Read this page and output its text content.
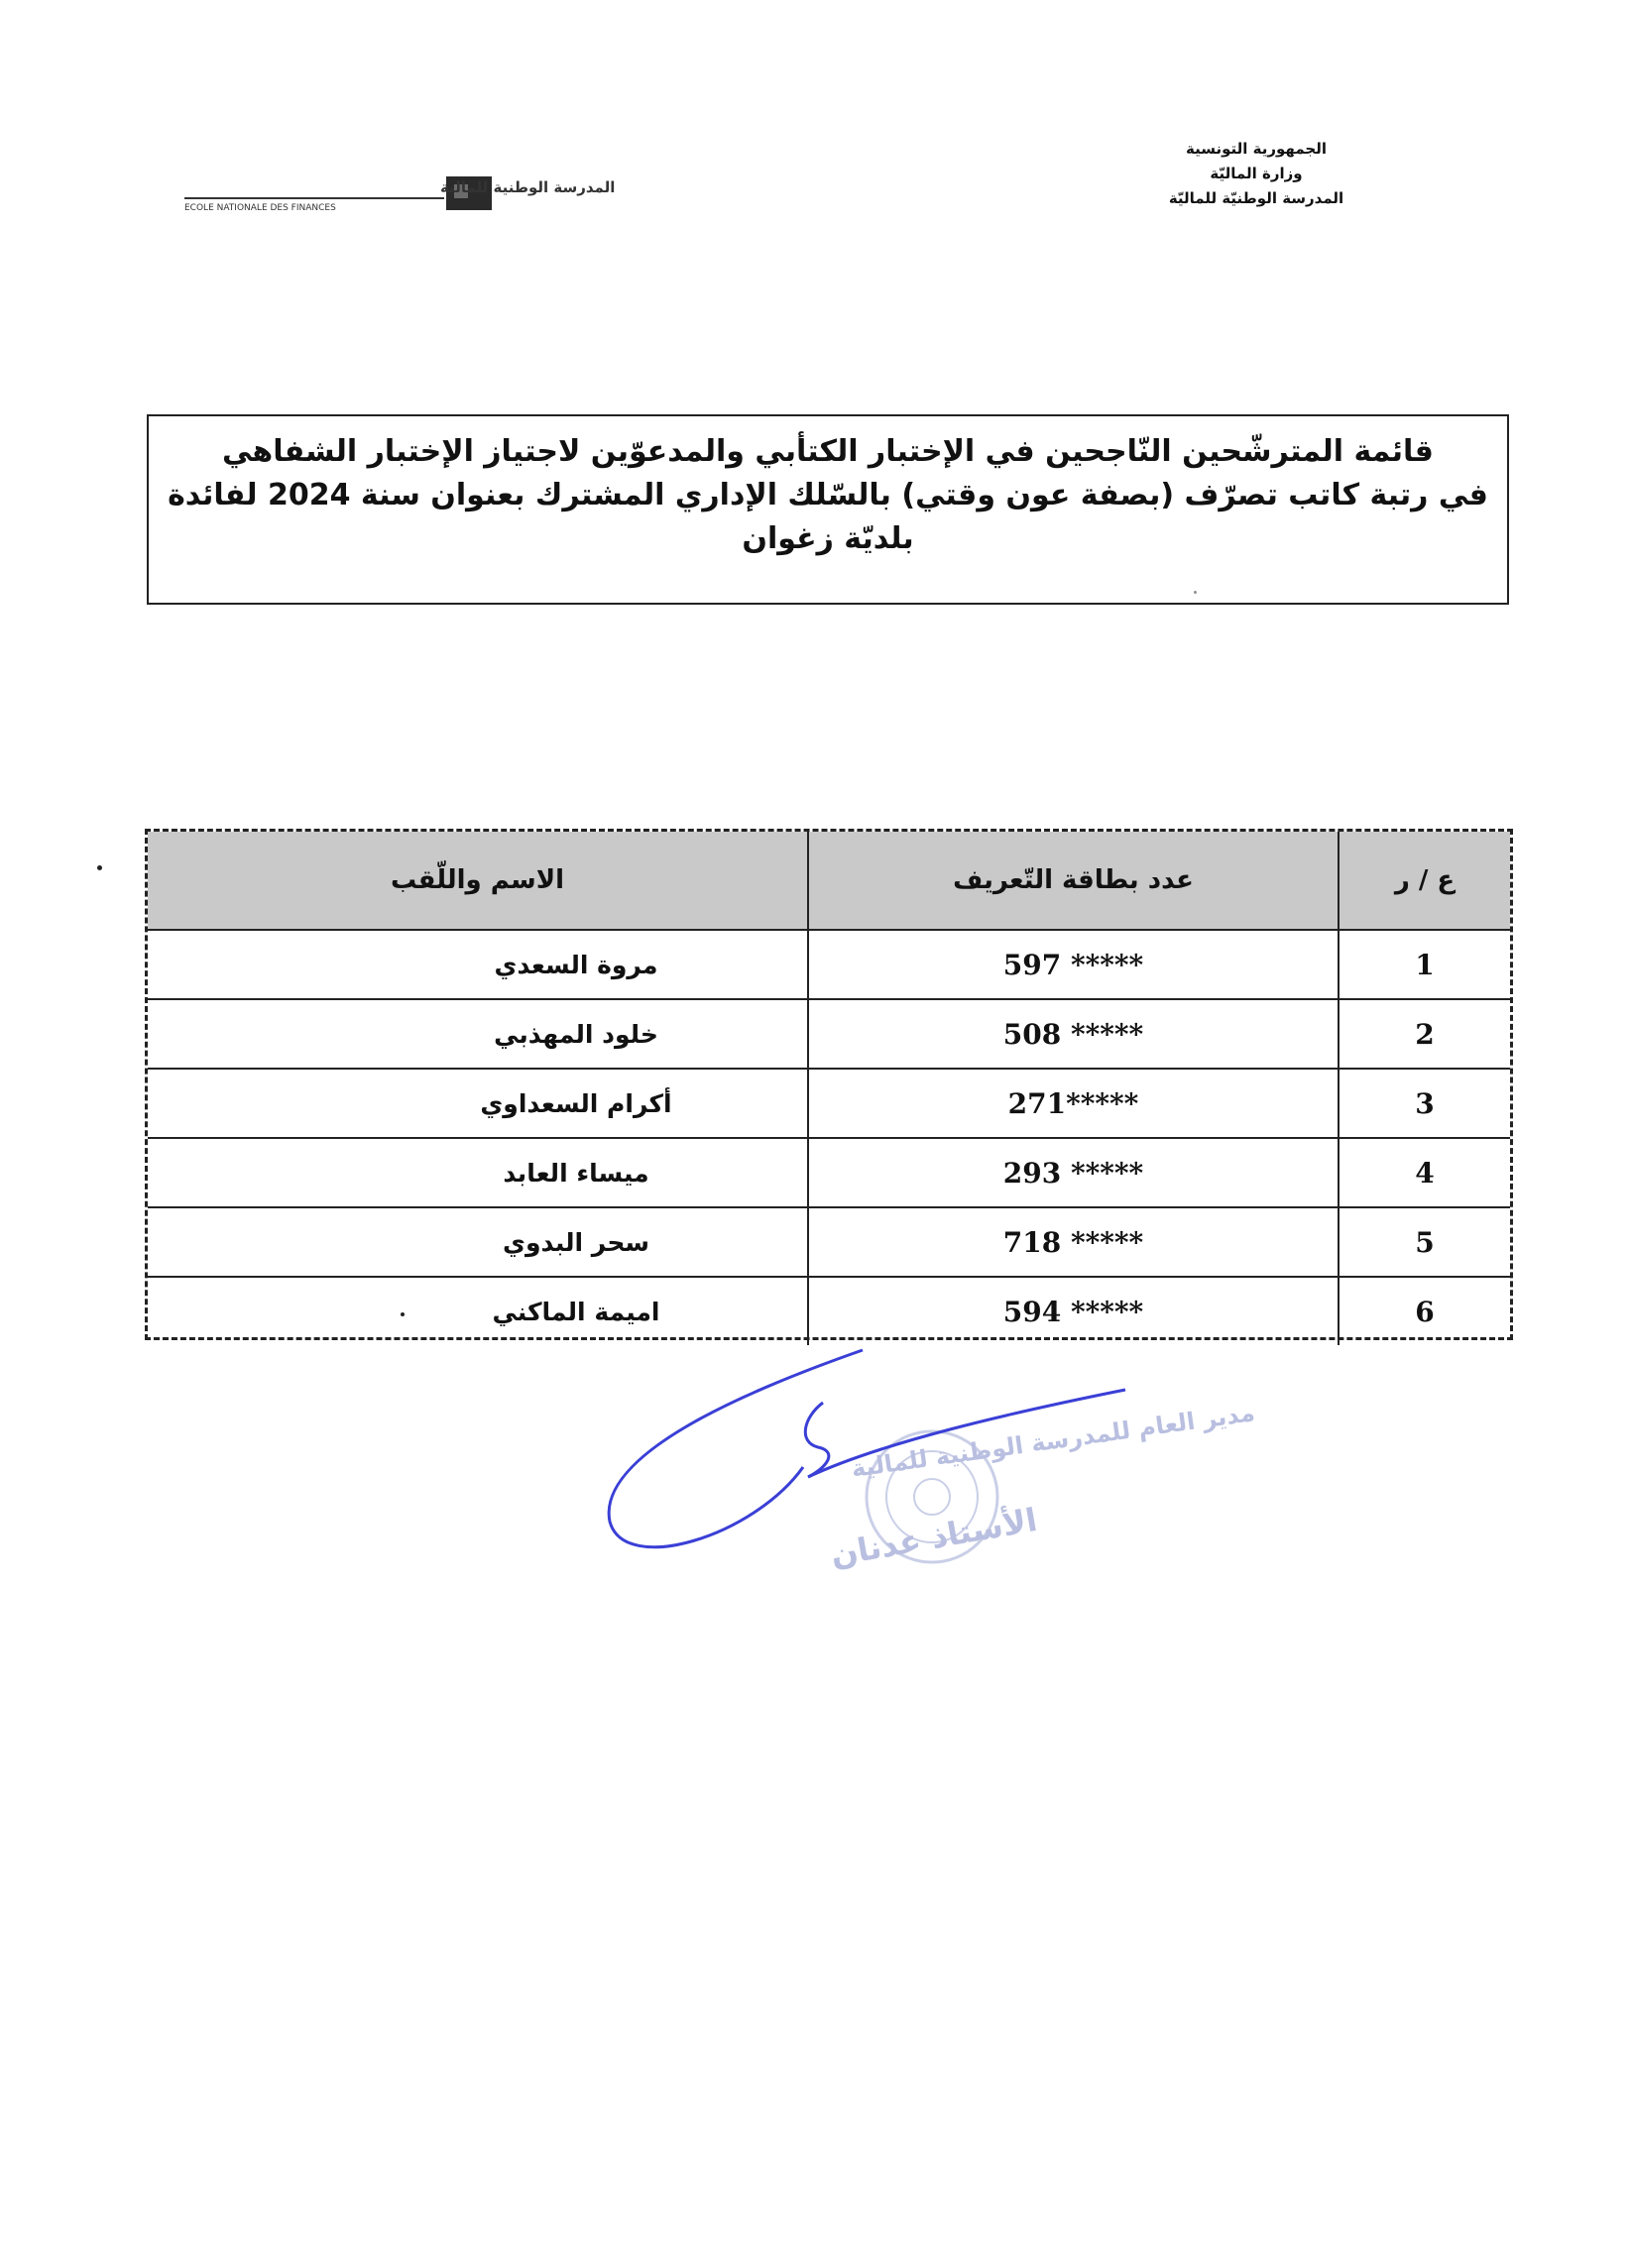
الجمهورية التونسية
وزارة الماليّة
المدرسة الوطنيّة للماليّة
المدرسة الوطنية للمالية
ECOLE NATIONALE DES FINANCES
قائمة المترشّحين النّاجحين في الإختبار الكتأبي والمدعوّين لاجتياز الإختبار الشفاهي
في رتبة كاتب تصرّف (بصفة عون وقتي) بالسّلك الإداري المشترك بعنوان سنة 2024 لفائدة
بلديّة زغوان
ع / ر	عدد بطاقة التّعريف	الاسم واللّقب
1	597 *****	مروة السعدي
2	508 *****	خلود المهذبي
3	271*****	أكرام السعداوي
4	293 *****	ميساء العابد
5	718 *****	سحر البدوي
6	594 *****	اميمة الماكني
مدير العام للمدرسة الوطنية للمالية
الأستاذ عدنان
